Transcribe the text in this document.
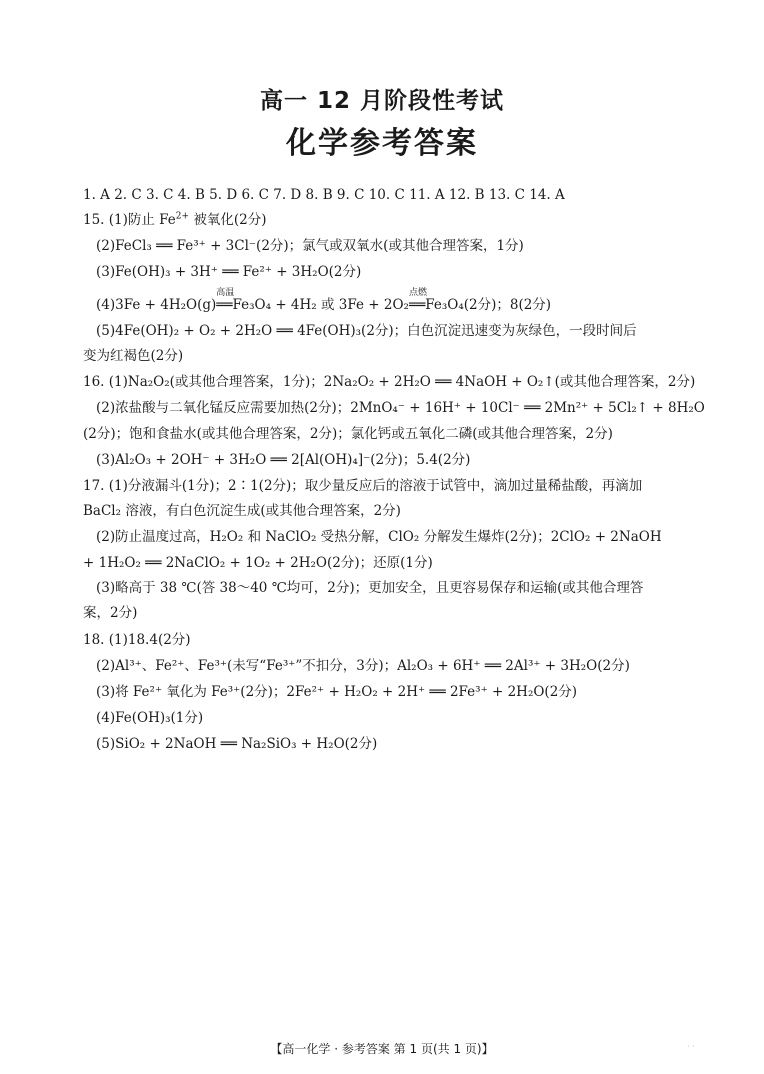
高一 12 月阶段性考试
化学参考答案
1. A 2. C 3. C 4. B 5. D 6. C 7. D 8. B 9. C 10. C 11. A 12. B 13. C 14. A
15. (1)防止 $Fe^{2+}$ 被氧化(2分)
(2)FeCl₃ ══ Fe³⁺ + 3Cl⁻(2分)；氯气或双氧水(或其他合理答案，1分)
(3)Fe(OH)₃ + 3H⁺ ══ Fe²⁺ + 3H₂O(2分)
(4)3Fe + 4H₂O(g)══
高温
Fe₃O₄ + 4H₂ 或 3Fe + 2O₂══
点燃
Fe₃O₄(2分)；8(2分)
(5)4Fe(OH)₂ + O₂ + 2H₂O ══ 4Fe(OH)₃(2分)；白色沉淀迅速变为灰绿色，一段时间后
变为红褐色(2分)
16. (1)Na₂O₂(或其他合理答案，1分)；2Na₂O₂ + 2H₂O ══ 4NaOH + O₂↑(或其他合理答案，2分)
(2)浓盐酸与二氧化锰反应需要加热(2分)；2MnO₄⁻ + 16H⁺ + 10Cl⁻ ══ 2Mn²⁺ + 5Cl₂↑ + 8H₂O
(2分)；饱和食盐水(或其他合理答案，2分)；氯化钙或五氧化二磷(或其他合理答案，2分)
(3)Al₂O₃ + 2OH⁻ + 3H₂O ══ 2[Al(OH)₄]⁻(2分)；5.4(2分)
17. (1)分液漏斗(1分)；2∶1(2分)；取少量反应后的溶液于试管中，滴加过量稀盐酸，再滴加
BaCl₂ 溶液，有白色沉淀生成(或其他合理答案，2分)
(2)防止温度过高，H₂O₂ 和 NaClO₂ 受热分解，ClO₂ 分解发生爆炸(2分)；2ClO₂ + 2NaOH
+ 1H₂O₂ ══ 2NaClO₂ + 1O₂ + 2H₂O(2分)；还原(1分)
(3)略高于 38 ℃(答 38～40 ℃均可，2分)；更加安全，且更容易保存和运输(或其他合理答
案，2分)
18. (1)18.4(2分)
(2)Al³⁺、Fe²⁺、Fe³⁺(未写“Fe³⁺”不扣分，3分)；Al₂O₃ + 6H⁺ ══ 2Al³⁺ + 3H₂O(2分)
(3)将 Fe²⁺ 氧化为 Fe³⁺(2分)；2Fe²⁺ + H₂O₂ + 2H⁺ ══ 2Fe³⁺ + 2H₂O(2分)
(4)Fe(OH)₃(1分)
(5)SiO₂ + 2NaOH ══ Na₂SiO₃ + H₂O(2分)
【高一化学 · 参考答案 第 1 页(共 1 页)】	· ·
